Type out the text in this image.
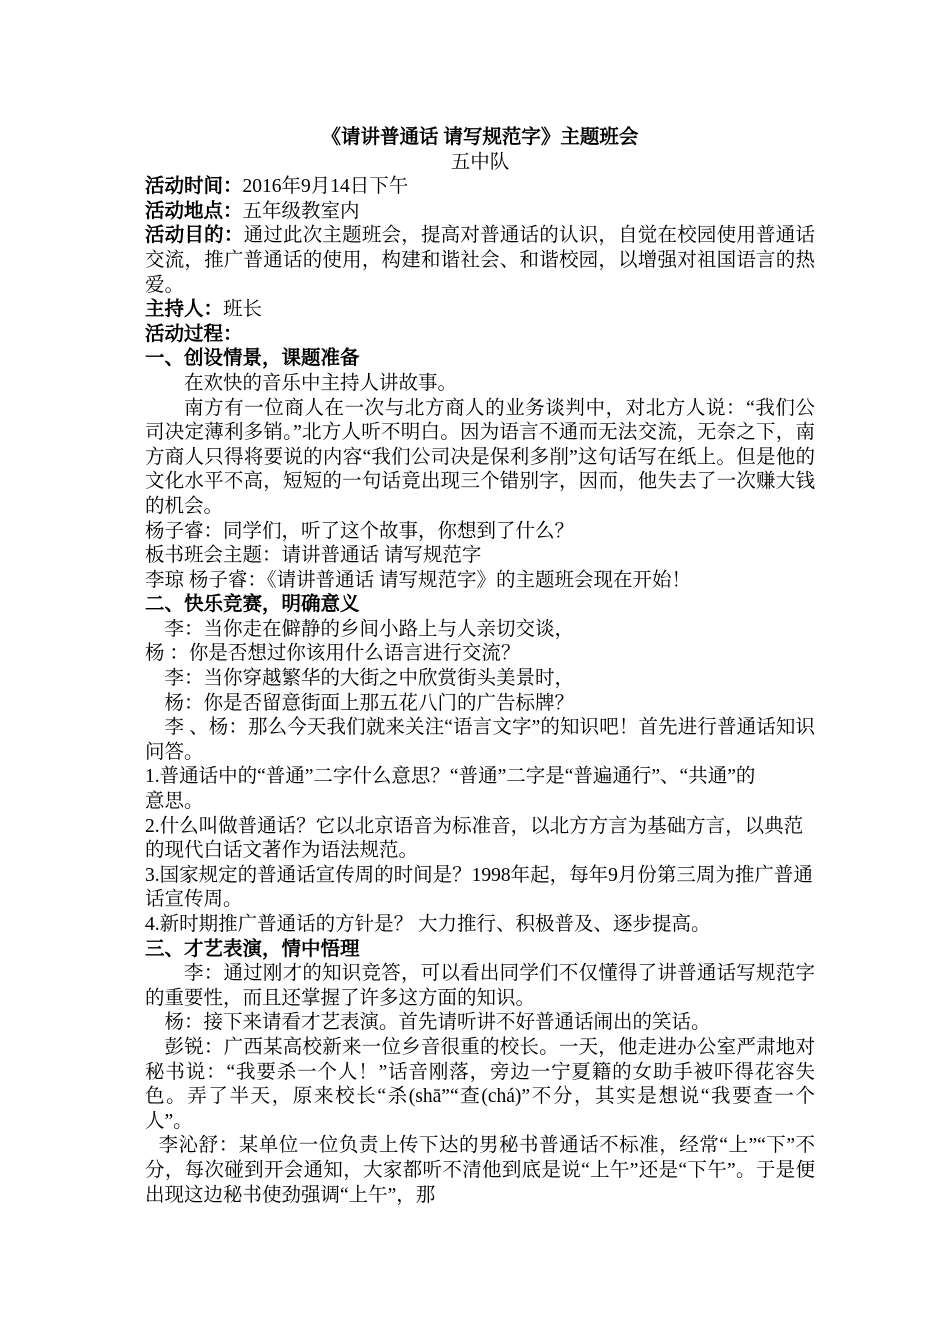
《请讲普通话 请写规范字》主题班会

五中队

活动时间：2016年9月14日下午

活动地点：五年级教室内

活动目的：通过此次主题班会，提高对普通话的认识，自觉在校园使用普通话交流，推广普通话的使用，构建和谐社会、和谐校园，以增强对祖国语言的热爱。

主持人：班长

活动过程：

一、创设情景，课题准备

在欢快的音乐中主持人讲故事。

南方有一位商人在一次与北方商人的业务谈判中，对北方人说：“我们公司决定薄利多销。”北方人听不明白。因为语言不通而无法交流，无奈之下，南方商人只得将要说的内容“我们公司决是保利多削”这句话写在纸上。但是他的文化水平不高，短短的一句话竟出现三个错别字，因而，他失去了一次赚大钱的机会。

杨子睿：同学们，听了这个故事，你想到了什么？

板书班会主题：请讲普通话 请写规范字

李琼 杨子睿：《请讲普通话 请写规范字》的主题班会现在开始！

二、快乐竞赛，明确意义

李：当你走在僻静的乡间小路上与人亲切交谈，

杨 ：你是否想过你该用什么语言进行交流？

李：当你穿越繁华的大街之中欣赏街头美景时，

杨：你是否留意街面上那五花八门的广告标牌？

李 、杨：那么今天我们就来关注“语言文字”的知识吧！首先进行普通话知识问答。

1.普通话中的“普通”二字什么意思？“普通”二字是“普遍通行”、“共通”的意思。

2.什么叫做普通话？它以北京语音为标准音，以北方方言为基础方言，以典范的现代白话文著作为语法规范。

3.国家规定的普通话宣传周的时间是？1998年起，每年9月份第三周为推广普通话宣传周。

4.新时期推广普通话的方针是？ 大力推行、积极普及、逐步提高。

三、才艺表演，情中悟理

李：通过刚才的知识竞答，可以看出同学们不仅懂得了讲普通话写规范字的重要性，而且还掌握了许多这方面的知识。

杨：接下来请看才艺表演。首先请听讲不好普通话闹出的笑话。

彭锐：广西某高校新来一位乡音很重的校长。一天，他走进办公室严肃地对秘书说：“我要杀一个人！”话音刚落，旁边一宁夏籍的女助手被吓得花容失色。弄了半天，原来校长“杀(shā”“查(chá)”不分，其实是想说“我要查一个人”。

李沁舒：某单位一位负责上传下达的男秘书普通话不标准，经常“上”“下”不分，每次碰到开会通知，大家都听不清他到底是说“上午”还是“下午”。于是便出现这边秘书使劲强调“上午”，那
